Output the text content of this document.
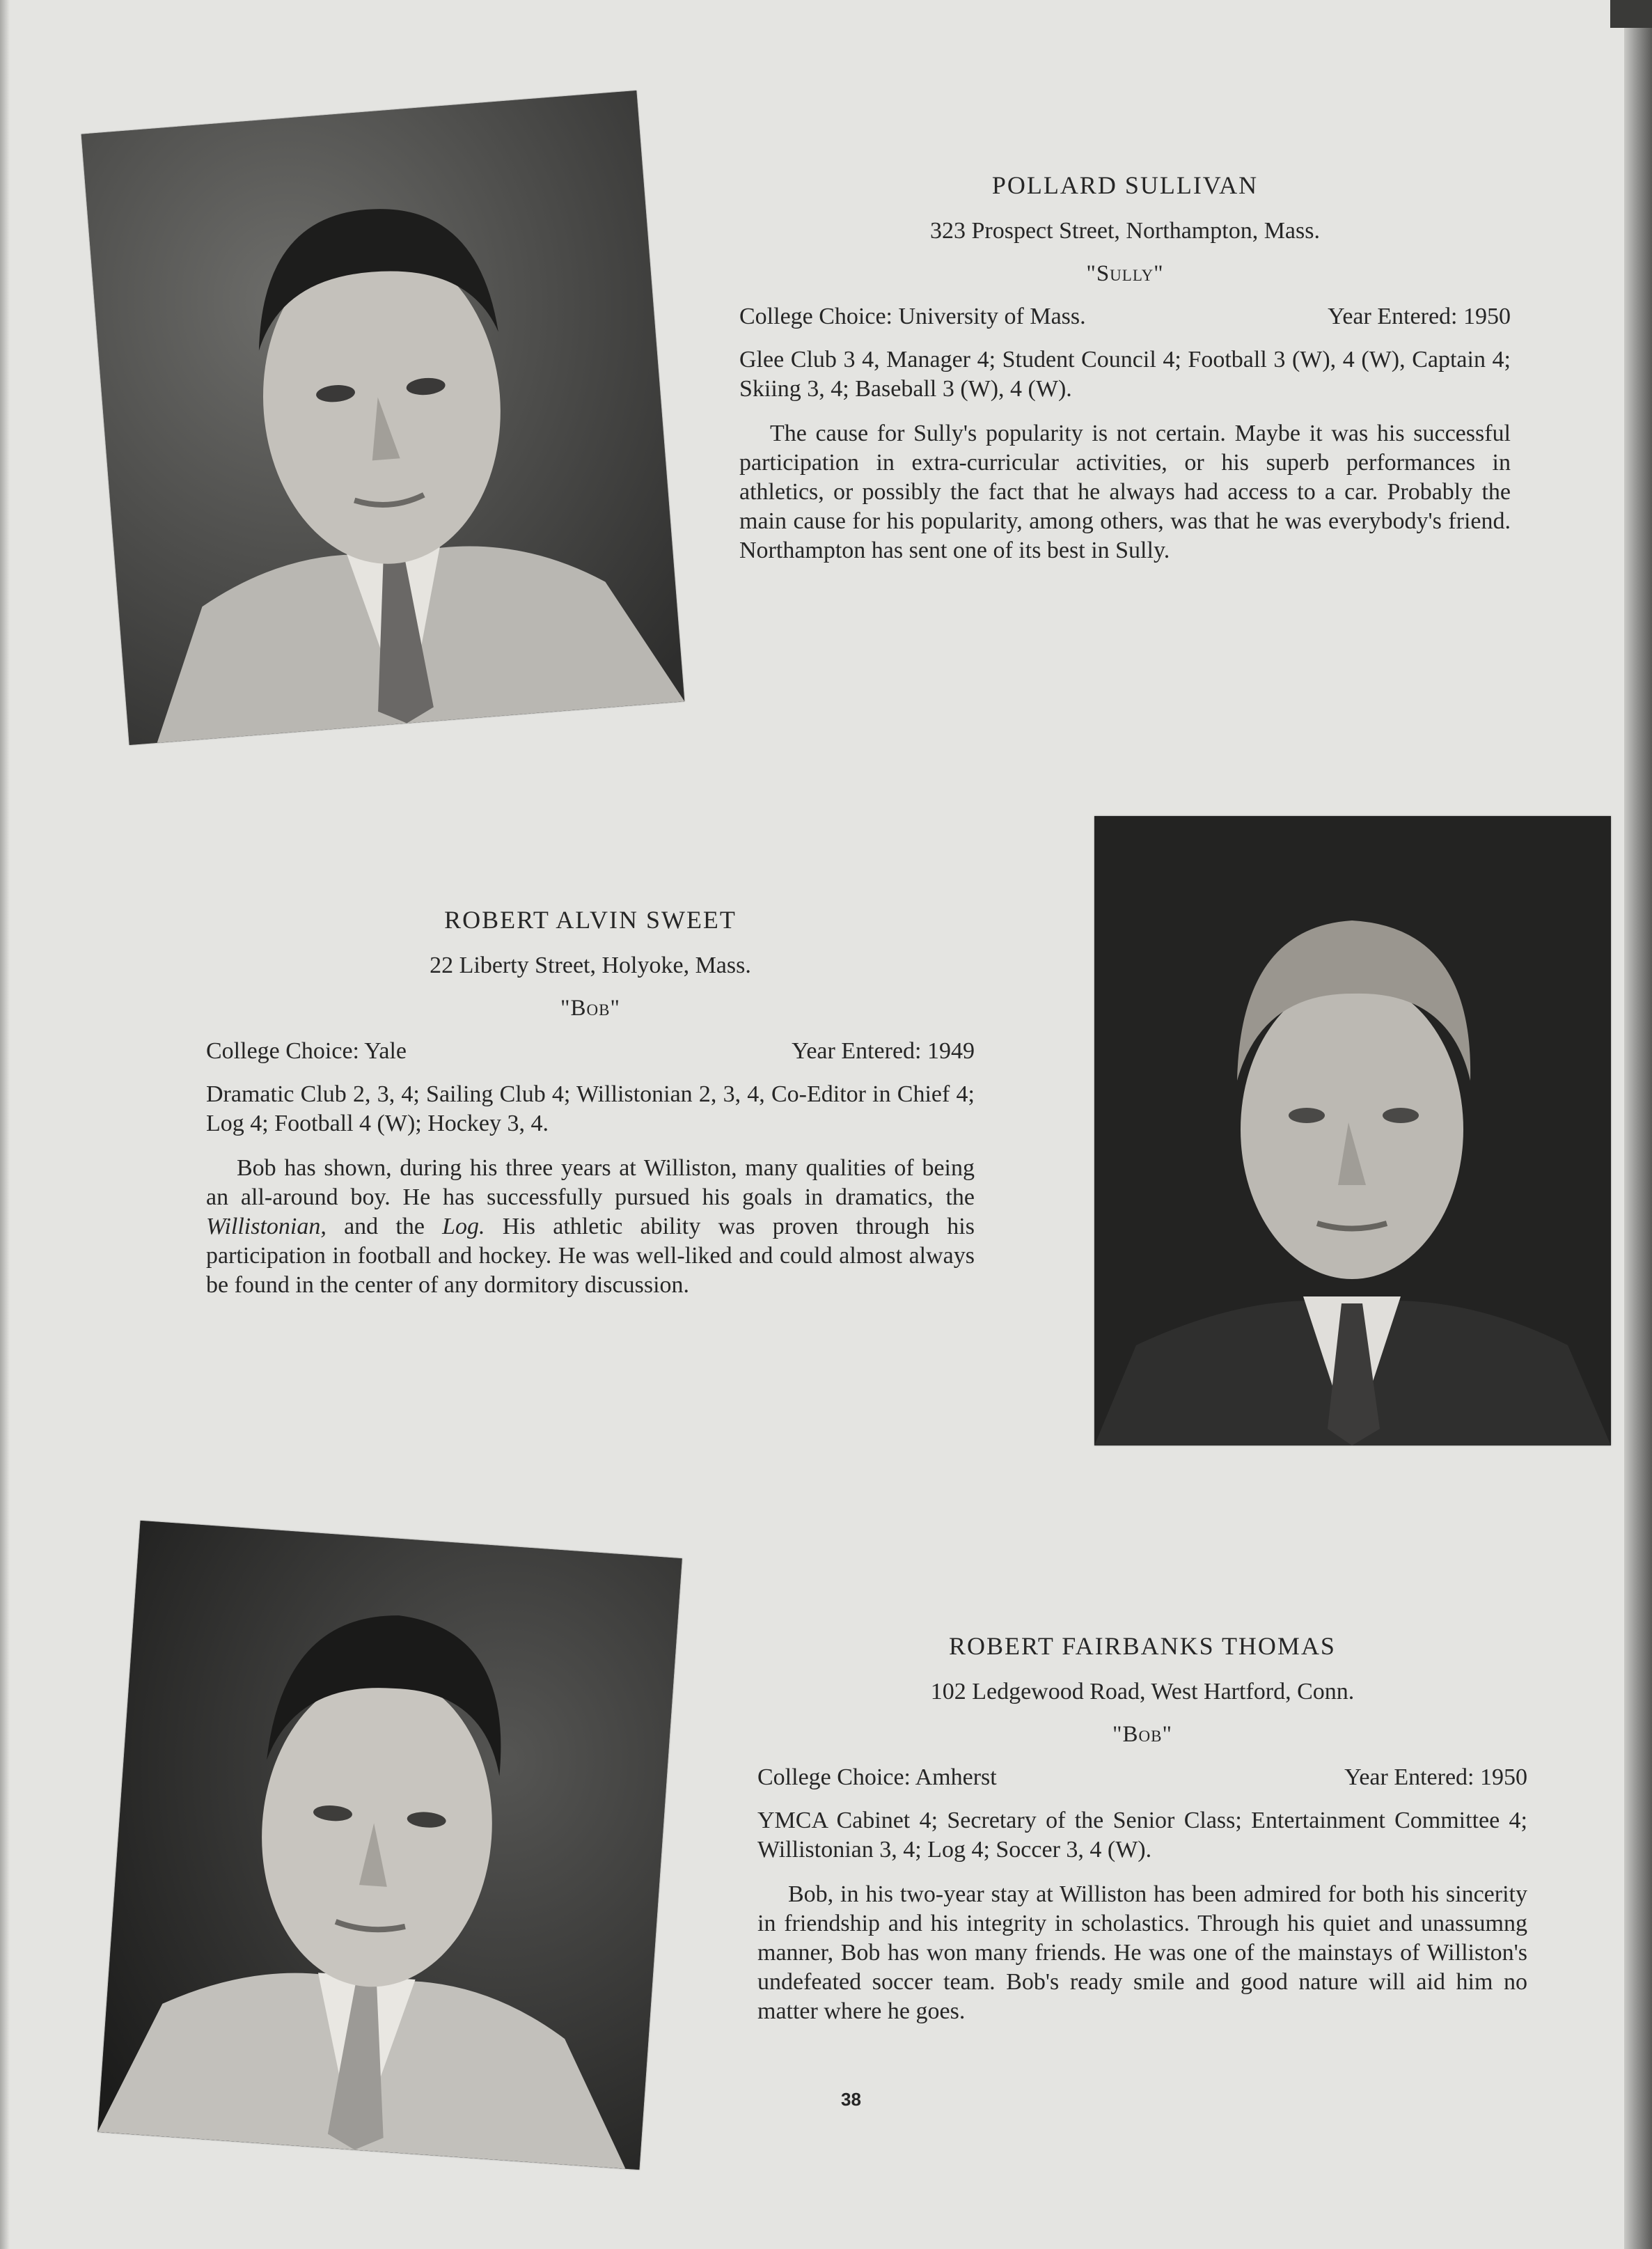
POLLARD SULLIVAN
323 Prospect Street, Northampton, Mass.
"Sully"
College Choice: University of Mass.	Year Entered: 1950
Glee Club 3 4, Manager 4; Student Council 4; Football 3 (W), 4 (W), Captain 4; Skiing 3, 4; Baseball 3 (W), 4 (W).

The cause for Sully's popularity is not certain. Maybe it was his successful participation in extra-curricular activities, or his superb performances in athletics, or possibly the fact that he always had access to a car. Probably the main cause for his popularity, among others, was that he was everybody's friend. Northampton has sent one of its best in Sully.

ROBERT ALVIN SWEET
22 Liberty Street, Holyoke, Mass.
"Bob"
College Choice: Yale	Year Entered: 1949
Dramatic Club 2, 3, 4; Sailing Club 4; Willistonian 2, 3, 4, Co-Editor in Chief 4; Log 4; Football 4 (W); Hockey 3, 4.

Bob has shown, during his three years at Williston, many qualities of being an all-around boy. He has successfully pursued his goals in dramatics, the Willistonian, and the Log. His athletic ability was proven through his participation in football and hockey. He was well-liked and could almost always be found in the center of any dormitory discussion.

ROBERT FAIRBANKS THOMAS
102 Ledgewood Road, West Hartford, Conn.
"Bob"
College Choice: Amherst	Year Entered: 1950
YMCA Cabinet 4; Secretary of the Senior Class; Entertainment Committee 4; Willistonian 3, 4; Log 4; Soccer 3, 4 (W).

Bob, in his two-year stay at Williston has been admired for both his sincerity in friendship and his integrity in scholastics. Through his quiet and unassumng manner, Bob has won many friends. He was one of the mainstays of Williston's undefeated soccer team. Bob's ready smile and good nature will aid him no matter where he goes.

38
